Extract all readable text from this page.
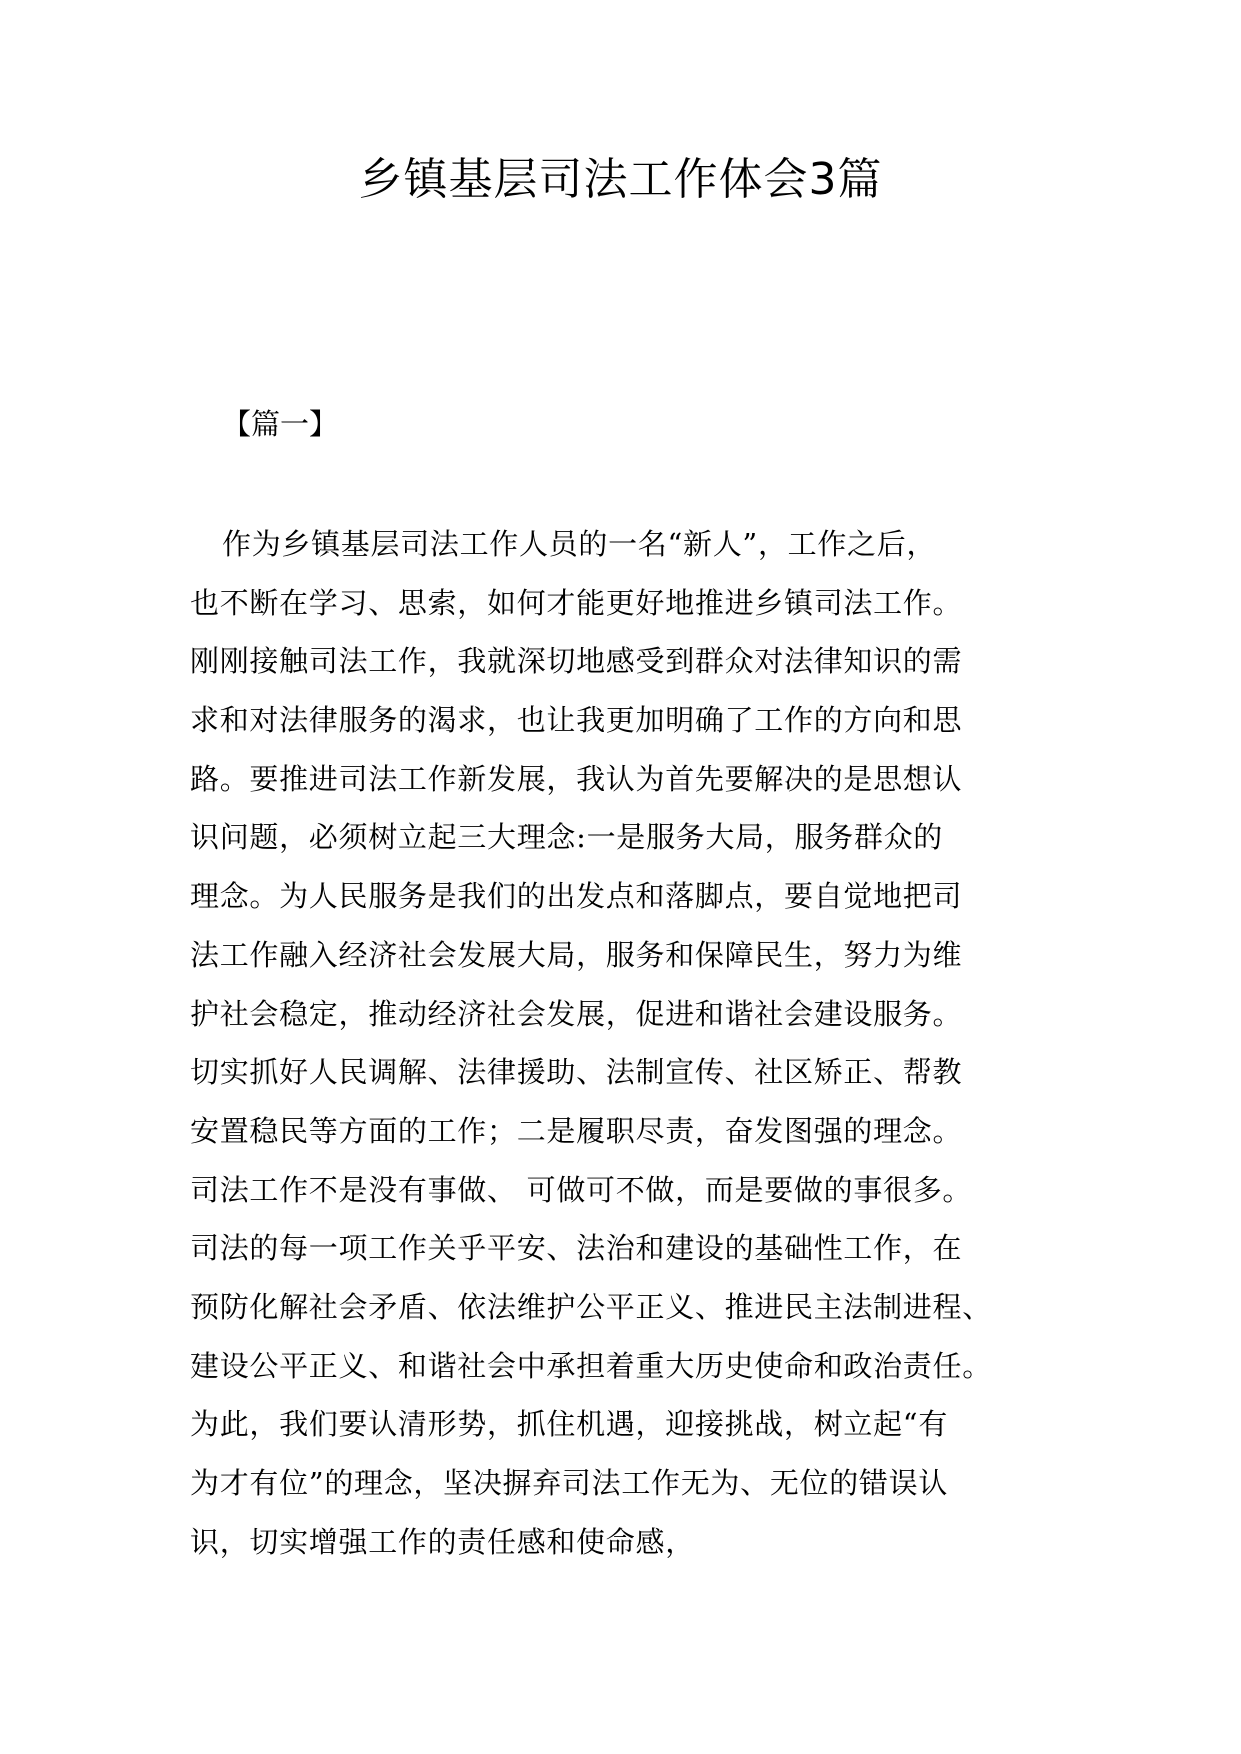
乡镇基层司法工作体会3篇

【篇一】

作为乡镇基层司法工作人员的一名“新人”，工作之后，
也不断在学习、思索，如何才能更好地推进乡镇司法工作。
刚刚接触司法工作，我就深切地感受到群众对法律知识的需
求和对法律服务的渴求，也让我更加明确了工作的方向和思
路。要推进司法工作新发展，我认为首先要解决的是思想认
识问题，必须树立起三大理念:一是服务大局，服务群众的
理念。为人民服务是我们的出发点和落脚点，要自觉地把司
法工作融入经济社会发展大局，服务和保障民生，努力为维
护社会稳定，推动经济社会发展，促进和谐社会建设服务。
切实抓好人民调解、法律援助、法制宣传、社区矫正、帮教
安置稳民等方面的工作；二是履职尽责，奋发图强的理念。
司法工作不是没有事做、 可做可不做，而是要做的事很多。
司法的每一项工作关乎平安、法治和建设的基础性工作，在
预防化解社会矛盾、依法维护公平正义、推进民主法制进程、
建设公平正义、和谐社会中承担着重大历史使命和政治责任。
为此，我们要认清形势，抓住机遇，迎接挑战，树立起“有
为才有位”的理念，坚决摒弃司法工作无为、无位的错误认
识，切实增强工作的责任感和使命感，
